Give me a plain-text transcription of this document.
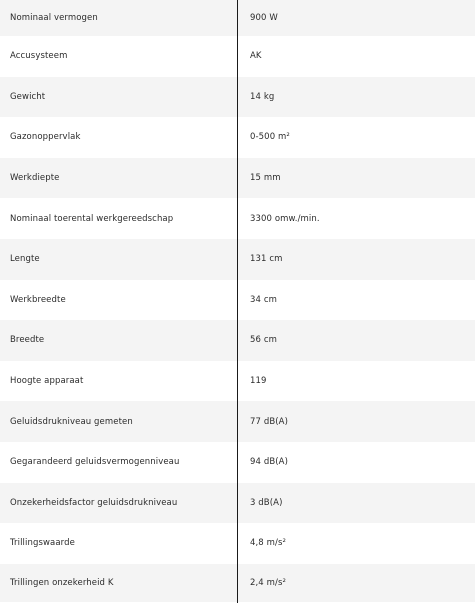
Nominaal vermogen	900 W
Accusysteem	AK
Gewicht	14 kg
Gazonoppervlak	0-500 m²
Werkdiepte	15 mm
Nominaal toerental werkgereedschap	3300 omw./min.
Lengte	131 cm
Werkbreedte	34 cm
Breedte	56 cm
Hoogte apparaat	119
Geluidsdrukniveau gemeten	77 dB(A)
Gegarandeerd geluidsvermogenniveau	94 dB(A)
Onzekerheidsfactor geluidsdrukniveau	3 dB(A)
Trillingswaarde	4,8 m/s²
Trillingen onzekerheid K	2,4 m/s²
